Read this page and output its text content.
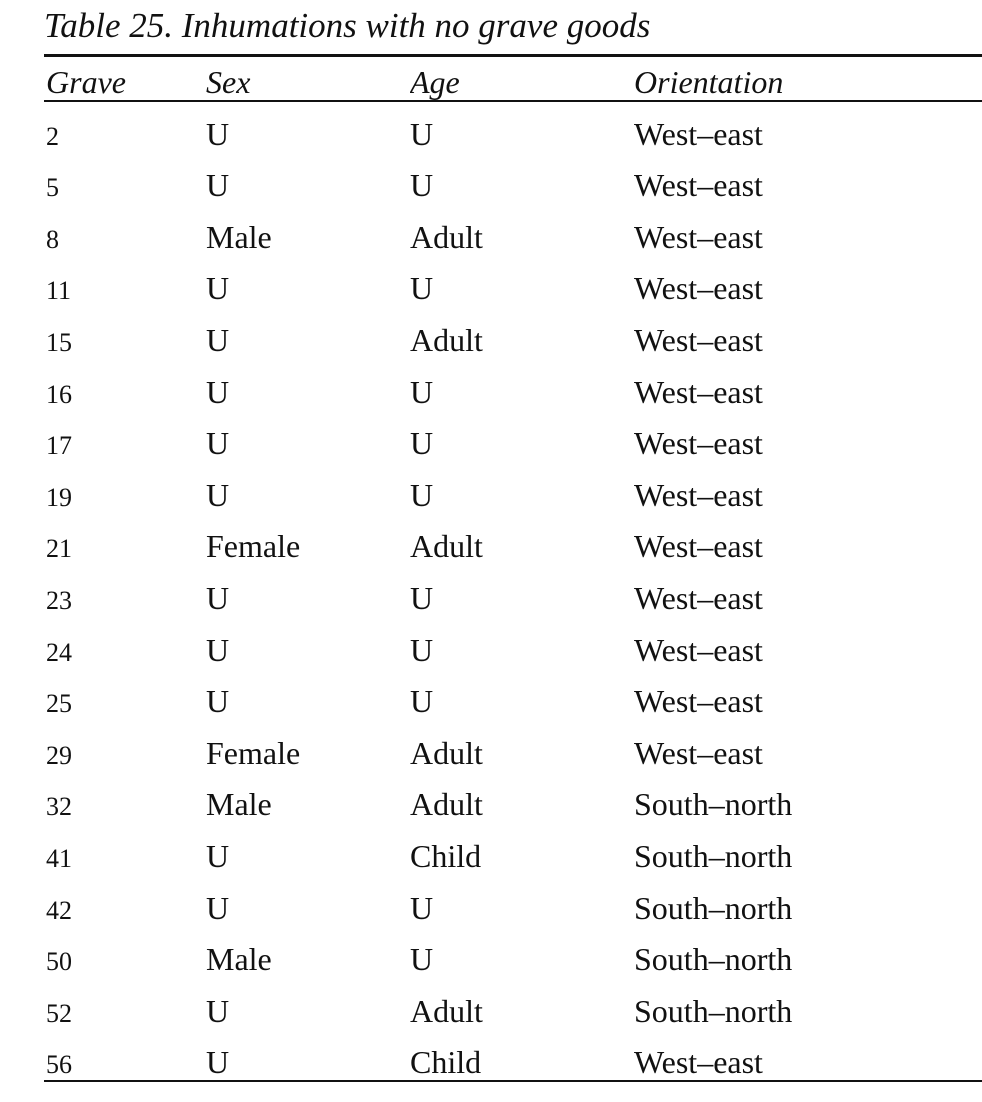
Table 25. Inhumations with no grave goods
Grave	Sex	Age	Orientation
2	U	U	West–east
5	U	U	West–east
8	Male	Adult	West–east
11	U	U	West–east
15	U	Adult	West–east
16	U	U	West–east
17	U	U	West–east
19	U	U	West–east
21	Female	Adult	West–east
23	U	U	West–east
24	U	U	West–east
25	U	U	West–east
29	Female	Adult	West–east
32	Male	Adult	South–north
41	U	Child	South–north
42	U	U	South–north
50	Male	U	South–north
52	U	Adult	South–north
56	U	Child	West–east
